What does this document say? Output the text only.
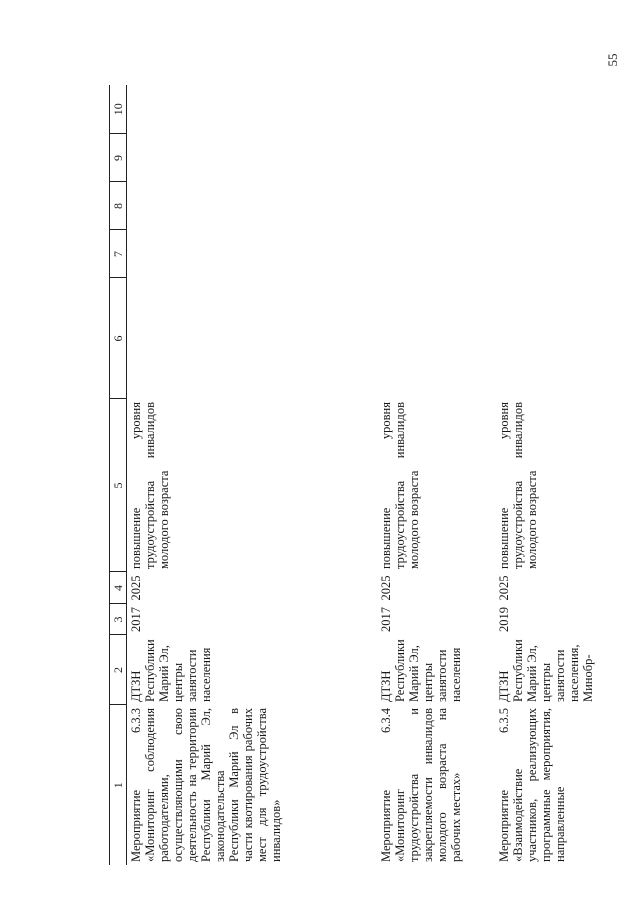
55
1	2	3	4	5	6	7	8	9	10
Мероприятие 6.3.3 «Мониторинг соблюдения работодателями, осуществляющими свою деятельность на территории Республики Марий Эл, законодательства Республики Марий Эл в части квотирования рабочих мест для трудоустройства инвалидов»	ДТЗН Республики Марий Эл, центры занятости населения	2017	2025	повышение уровня трудоустройства инвалидов молодого возраста					
Мероприятие 6.3.4 «Мониторинг трудоустройства и закрепляемости инвалидов молодого возраста на рабочих местах»	ДТЗН Республики Марий Эл, центры занятости населения	2017	2025	повышение уровня трудоустройства инвалидов молодого возраста					
Мероприятие 6.3.5 «Взаимодействие участников, реализующих программные мероприятия, направленные	ДТЗН Республики Марий Эл, центры занятости населения, Минобр-	2019	2025	повышение уровня трудоустройства инвалидов молодого возраста					
